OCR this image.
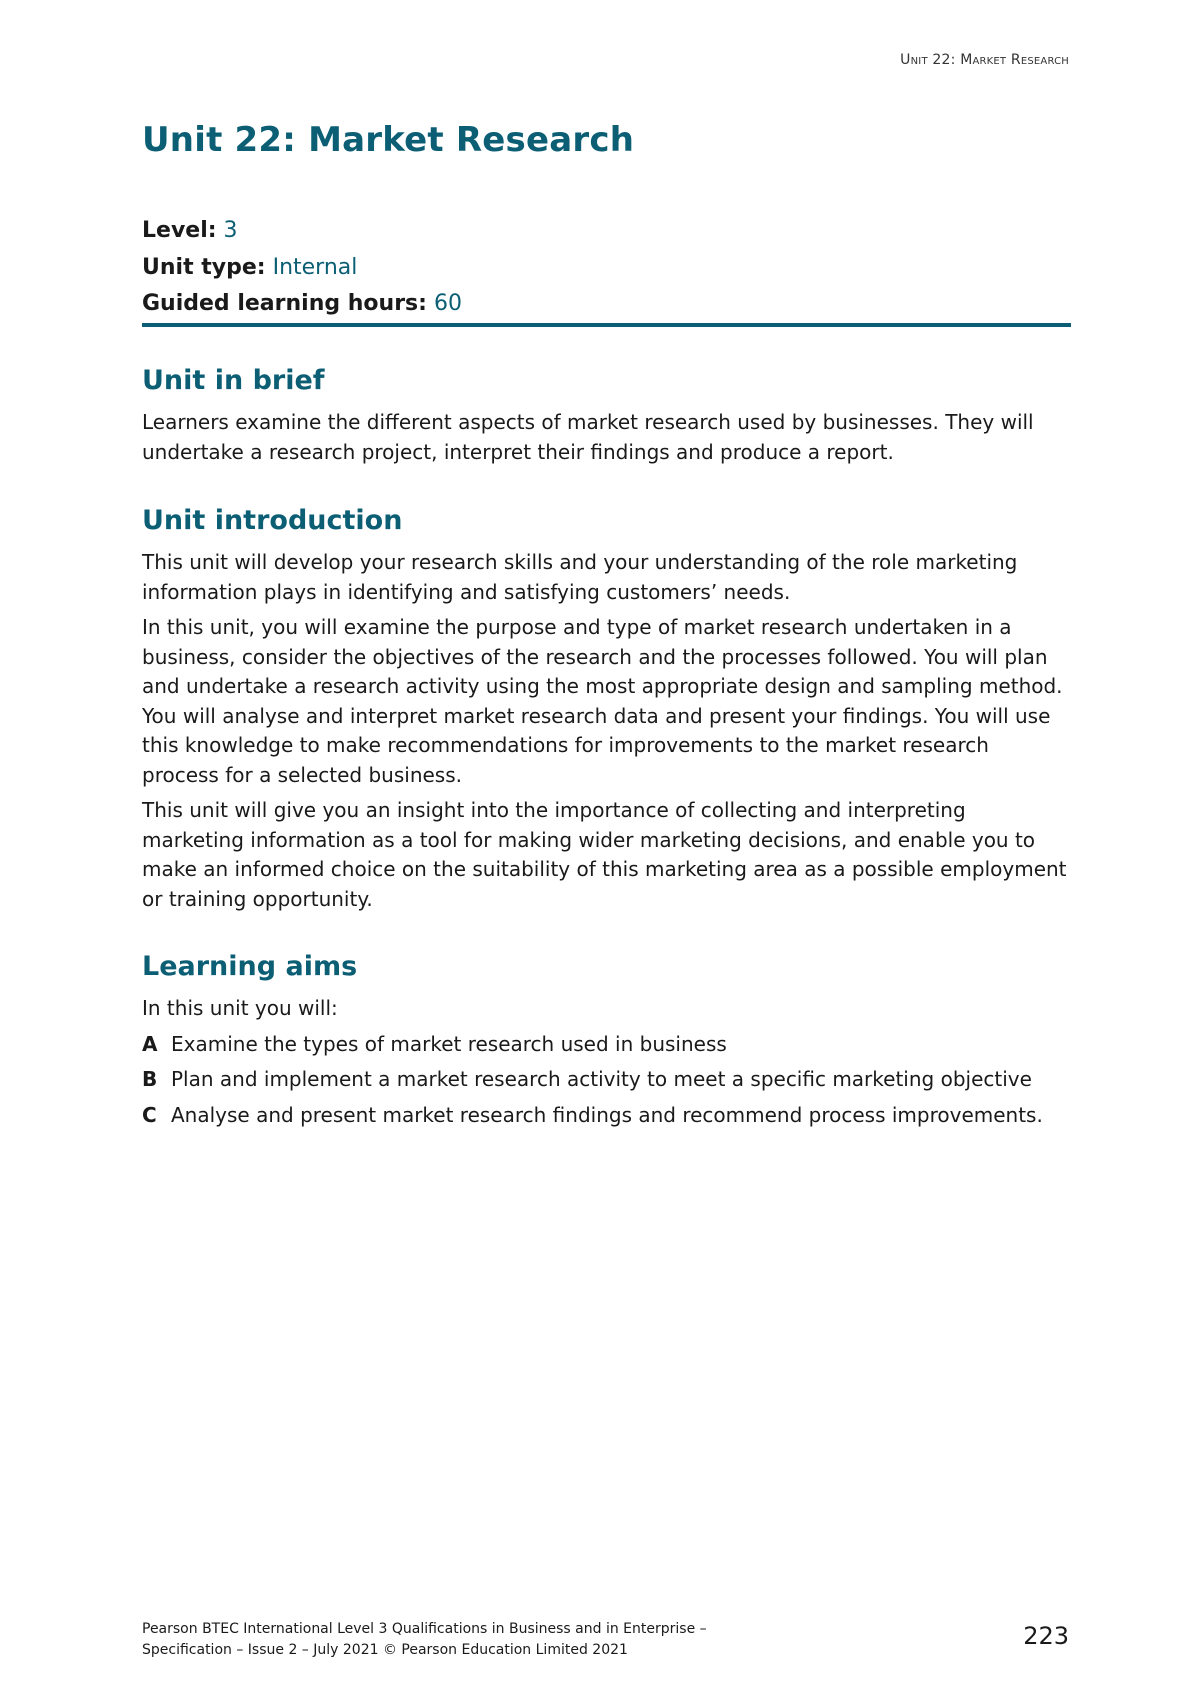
Unit 22: Market Research
Unit 22: Market Research
Level: 3
Unit type: Internal
Guided learning hours: 60
Unit in brief

Learners examine the different aspects of market research used by businesses. They will undertake a research project, interpret their findings and produce a report.

Unit introduction

This unit will develop your research skills and your understanding of the role marketing information plays in identifying and satisfying customers’ needs.

In this unit, you will examine the purpose and type of market research undertaken in a business, consider the objectives of the research and the processes followed. You will plan and undertake a research activity using the most appropriate design and sampling method. You will analyse and interpret market research data and present your findings. You will use this knowledge to make recommendations for improvements to the market research process for a selected business.

This unit will give you an insight into the importance of collecting and interpreting marketing information as a tool for making wider marketing decisions, and enable you to make an informed choice on the suitability of this marketing area as a possible employment or training opportunity.

Learning aims

In this unit you will:

A Examine the types of market research used in business
B Plan and implement a market research activity to meet a specific marketing objective
C Analyse and present market research findings and recommend process improvements.
Pearson BTEC International Level 3 Qualifications in Business and in Enterprise –
Specification – Issue 2 – July 2021 © Pearson Education Limited 2021	223
